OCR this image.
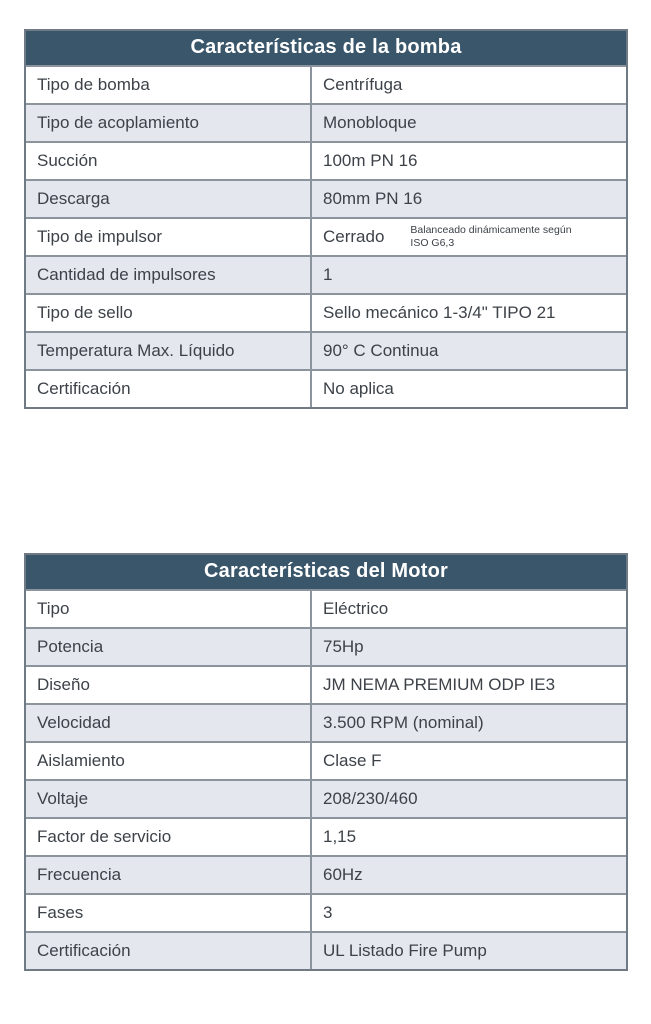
Características de la bomba
Tipo de bomba	Centrífuga
Tipo de acoplamiento	Monobloque
Succión	100m PN 16
Descarga	80mm PN 16
Tipo de impulsor	Cerrado Balanceado dinámicamente según ISO G6,3
Cantidad de impulsores	1
Tipo de sello	Sello mecánico 1-3/4" TIPO 21
Temperatura Max. Líquido	90° C Continua
Certificación	No aplica
Características del Motor
Tipo	Eléctrico
Potencia	75Hp
Diseño	JM NEMA PREMIUM ODP IE3
Velocidad	3.500 RPM (nominal)
Aislamiento	Clase F
Voltaje	208/230/460
Factor de servicio	1,15
Frecuencia	60Hz
Fases	3
Certificación	UL Listado Fire Pump
